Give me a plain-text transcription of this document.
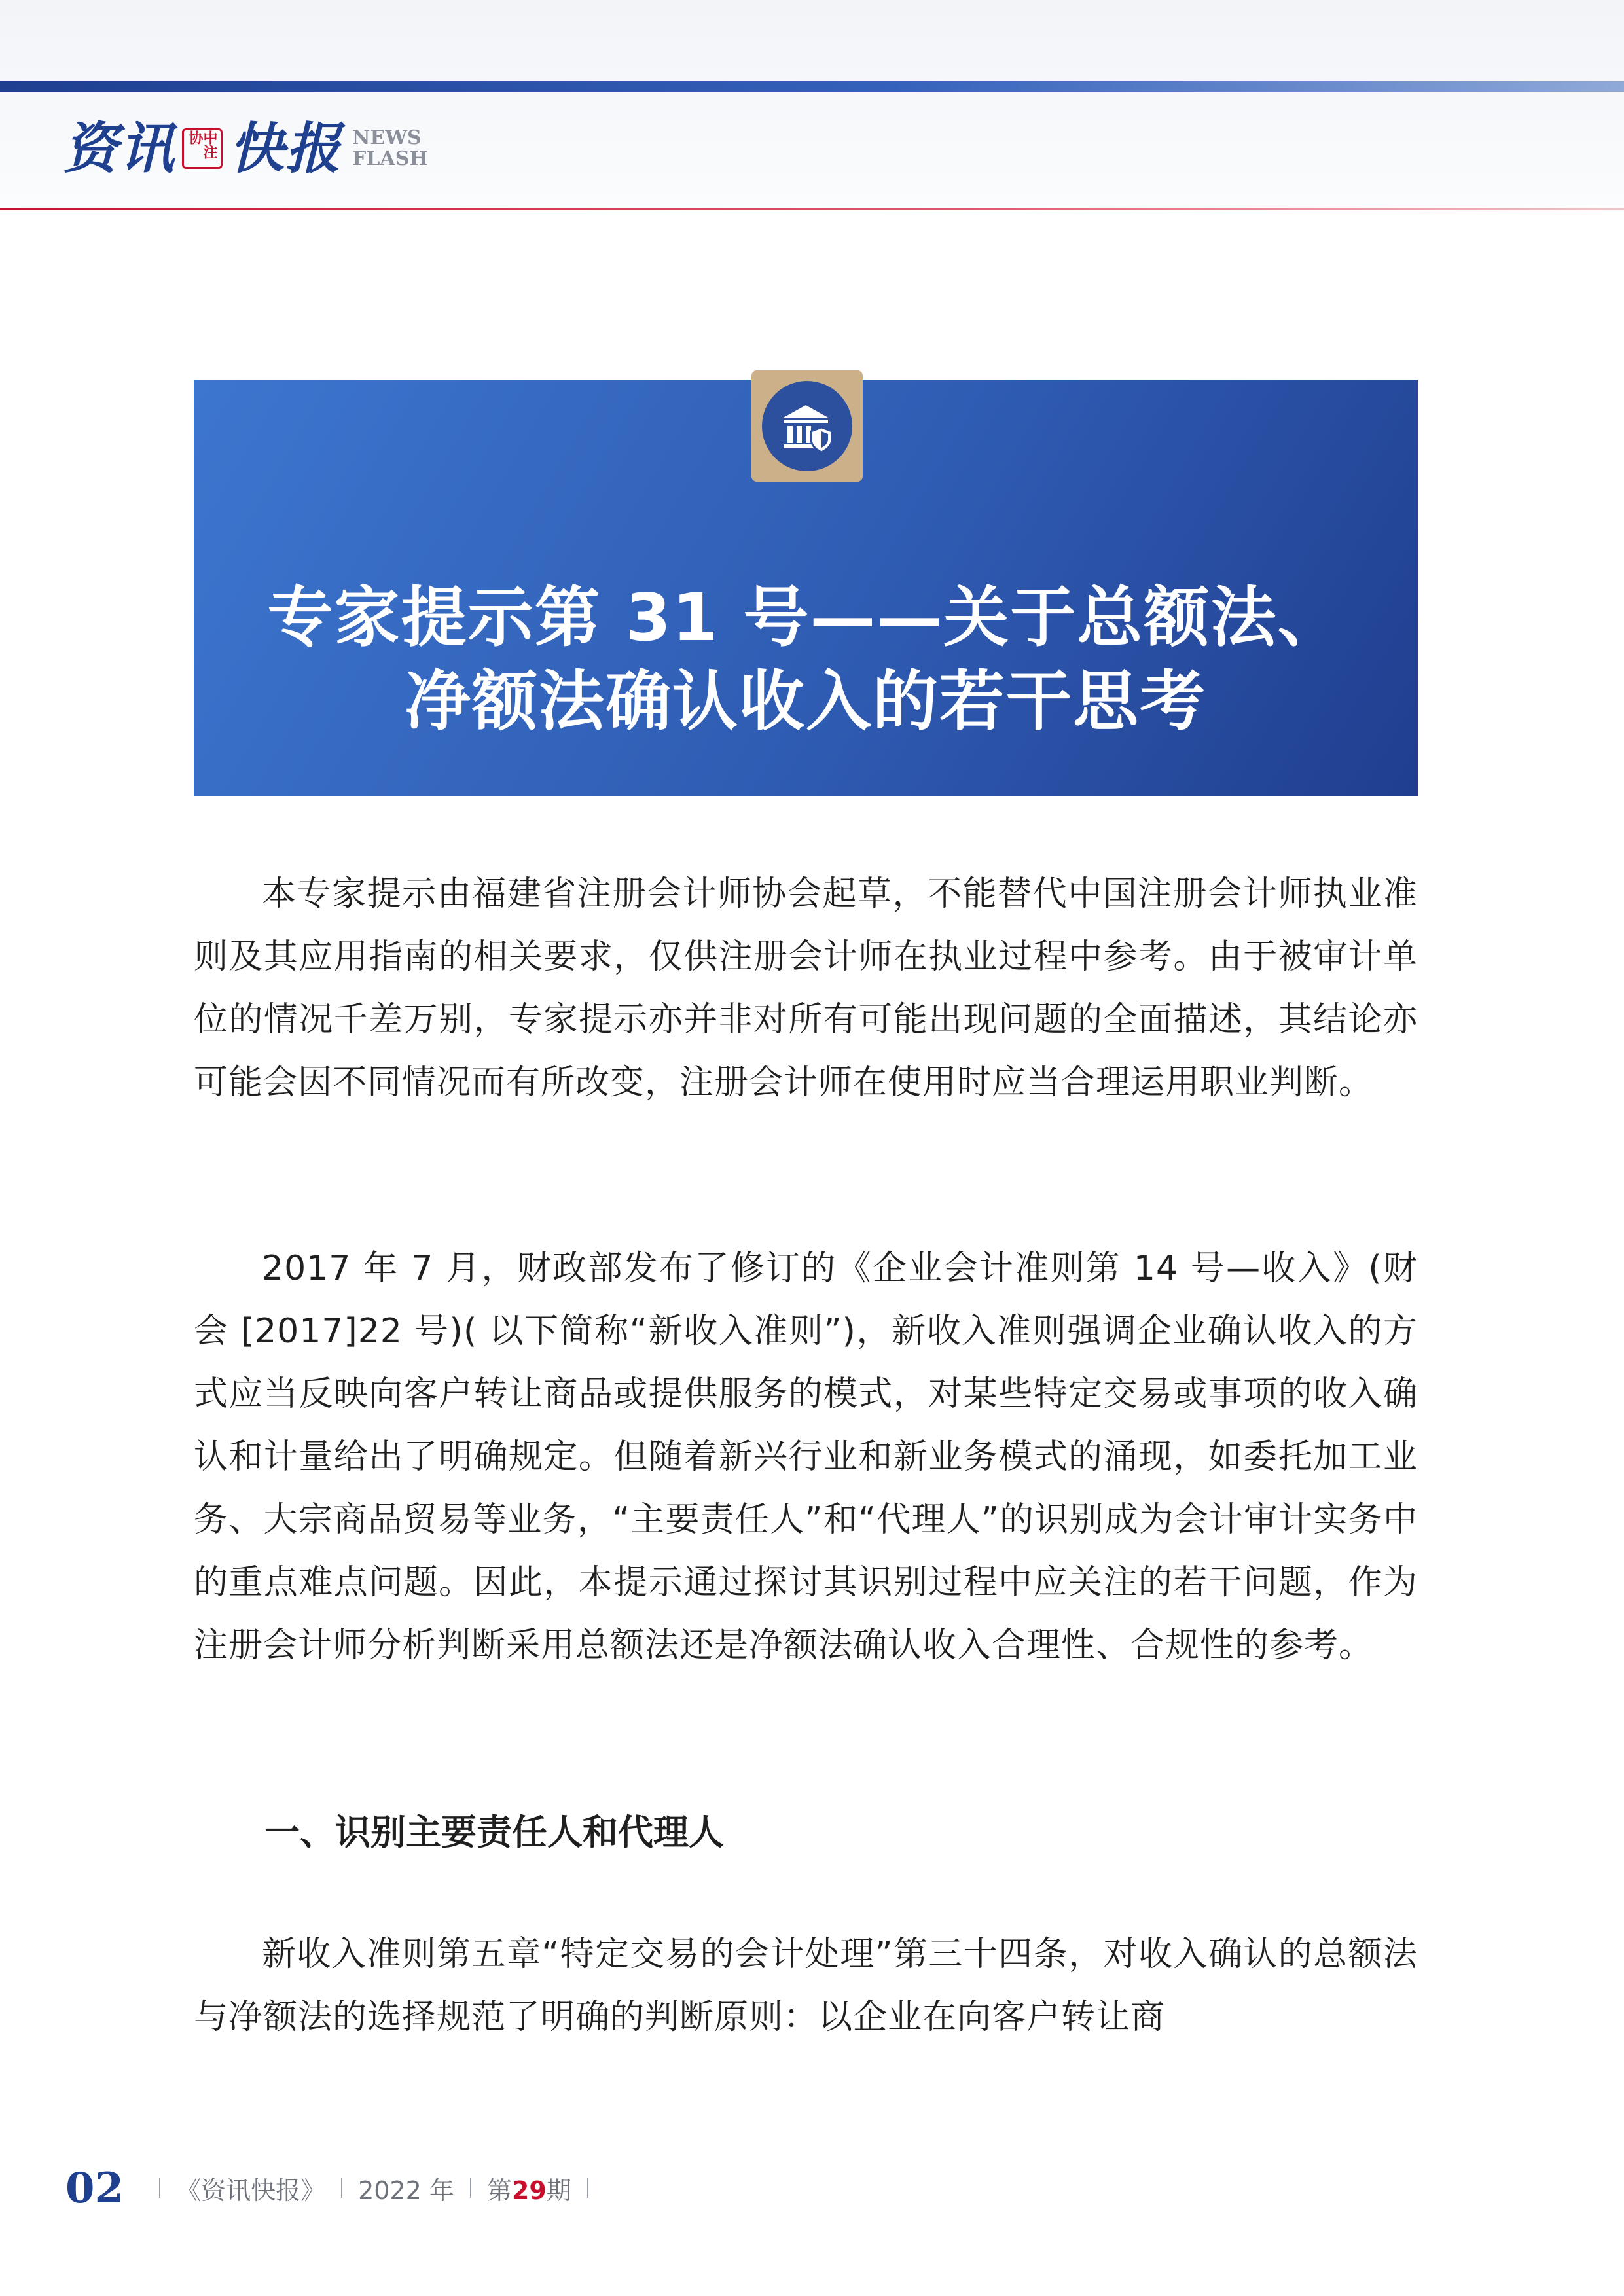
资讯	中注协 快报 NEWS
FLASH
专家提示第 31 号——关于总额法、
净额法确认收入的若干思考

本专家提示由福建省注册会计师协会起草，不能替代中国注册会计师执业准则及其应用指南的相关要求，仅供注册会计师在执业过程中参考。由于被审计单位的情况千差万别，专家提示亦并非对所有可能出现问题的全面描述，其结论亦可能会因不同情况而有所改变，注册会计师在使用时应当合理运用职业判断。

2017 年 7 月，财政部发布了修订的《企业会计准则第 14 号—收入》(财会 [2017]22 号)( 以下简称“新收入准则”)，新收入准则强调企业确认收入的方式应当反映向客户转让商品或提供服务的模式，对某些特定交易或事项的收入确认和计量给出了明确规定。但随着新兴行业和新业务模式的涌现，如委托加工业务、大宗商品贸易等业务，“主要责任人”和“代理人”的识别成为会计审计实务中的重点难点问题。因此，本提示通过探讨其识别过程中应关注的若干问题，作为注册会计师分析判断采用总额法还是净额法确认收入合理性、合规性的参考。

一、识别主要责任人和代理人

新收入准则第五章“特定交易的会计处理”第三十四条，对收入确认的总额法与净额法的选择规范了明确的判断原则：以企业在向客户转让商

02 《资讯快报》 2022 年 第29期
